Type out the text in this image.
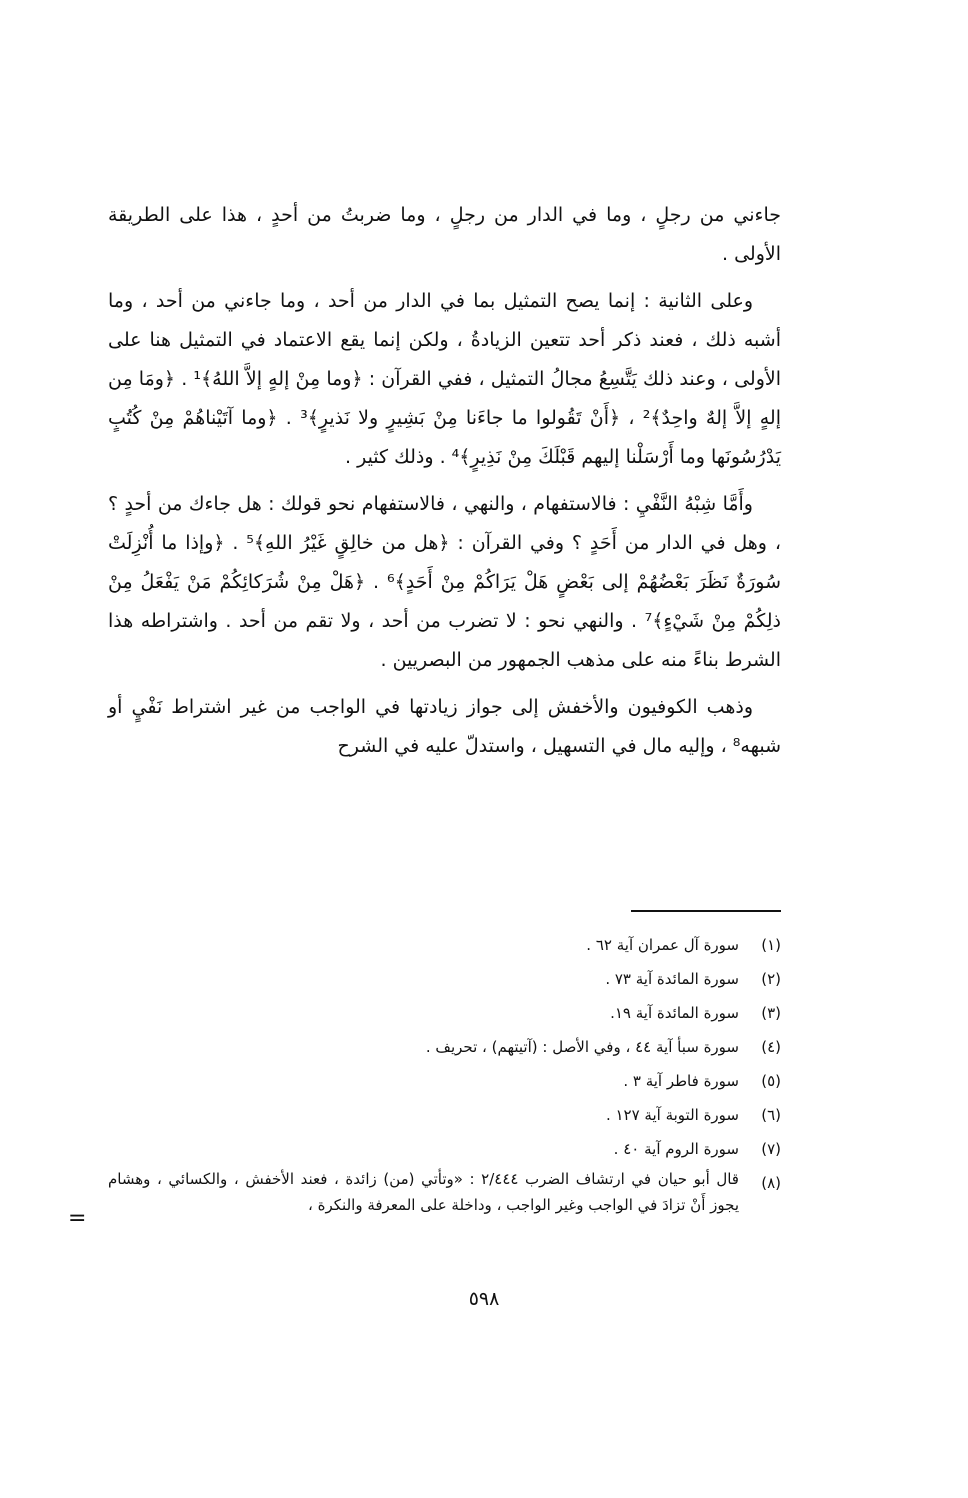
جاءني من رجلٍ ، وما في الدار من رجلٍ ، وما ضربتُ من أحدٍ ، هذا على الطريقة الأولى .

وعلى الثانية : إنما يصح التمثيل بما في الدار من أحد ، وما جاءني من أحد ، وما أشبه ذلك ، فعند ذكر أحد تتعين الزيادةُ ، ولكن إنما يقع الاعتماد في التمثيل هنا على الأولى ، وعند ذلك يَتَّسِعُ مجالُ التمثيل ، ففي القرآن : ﴿وما مِنْ إلهٍ إلاَّ اللهُ﴾¹ . ﴿ومَا مِن إلهٍ إلاَّ إلهٌ واحِدٌ﴾² ، ﴿أَنْ تَقُولوا ما جاءَنا مِنْ بَشِيرٍ ولا نَذيرٍ﴾³ . ﴿وما آتَيْناهُمْ مِنْ كُتُبٍ يَدْرُسُونَها وما أَرْسَلْنا إليهم قَبْلَكَ مِنْ نَذِيرٍ﴾⁴ . وذلك كثير .

وأَمَّا شِبْهُ النَّفْيِ : فالاستفهام ، والنهي ، فالاستفهام نحو قولك : هل جاءك من أحدٍ ؟ ، وهل في الدار من أَحَدٍ ؟ وفي القرآن : ﴿هل من خالِقٍ غَيْرُ اللهِ﴾⁵ . ﴿وإذا ما أُنْزِلَتْ سُورَةٌ نَظَرَ بَعْضُهُمْ إلى بَعْضٍ هَلْ يَرَاكُمْ مِنْ أَحَدٍ﴾⁶ . ﴿هَلْ مِنْ شُرَكائِكُمْ مَنْ يَفْعَلُ مِنْ ذلِكُمْ مِنْ شَيْءٍ﴾⁷ . والنهي نحو : لا تضرب من أحد ، ولا تقم من أحد . واشتراطه هذا الشرط بناءً منه على مذهب الجمهور من البصريين .

وذهب الكوفيون والأخفش إلى جواز زيادتها في الواجب من غير اشتراط نَفْيٍ أو شبهه⁸ ، وإليه مال في التسهيل ، واستدلّ عليه في الشرح

(١)
سورة آل عمران آية ٦٢ .
(٢)
سورة المائدة آية ٧٣ .
(٣)
سورة المائدة آية ١٩.
(٤)
سورة سبأ آية ٤٤ ، وفي الأصل : (آتيتهم) ، تحريف .
(٥)
سورة فاطر آية ٣ .
(٦)
سورة التوبة آية ١٢٧ .
(٧)
سورة الروم آية ٤٠ .
(٨)
قال أبو حيان في ارتشاف الضرب ٢/٤٤٤ : «وتأتي (من) زائدة ، فعند الأخفش ، والكسائي ، وهشام يجوز أَنْ تزادَ في الواجب وغير الواجب ، وداخلة على المعرفة والنكرة ،
=
٥٩٨
